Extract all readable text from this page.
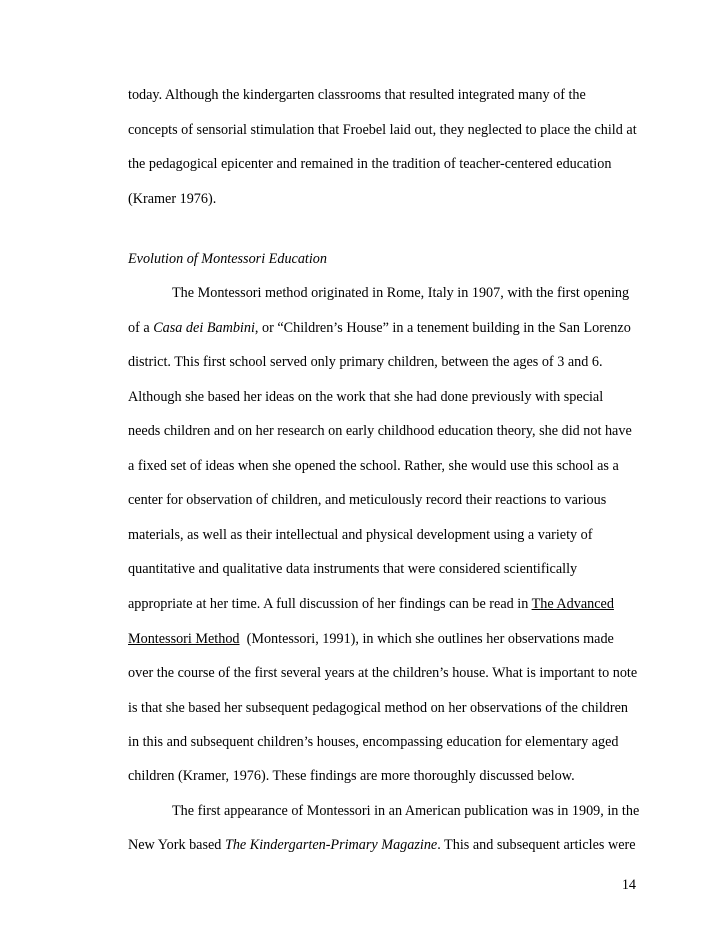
today. Although the kindergarten classrooms that resulted integrated many of the
concepts of sensorial stimulation that Froebel laid out, they neglected to place the child at
the pedagogical epicenter and remained in the tradition of teacher-centered education
(Kramer 1976).
Evolution of Montessori Education
The Montessori method originated in Rome, Italy in 1907, with the first opening
of a Casa dei Bambini, or “Children’s House” in a tenement building in the San Lorenzo
district. This first school served only primary children, between the ages of 3 and 6.
Although she based her ideas on the work that she had done previously with special
needs children and on her research on early childhood education theory, she did not have
a fixed set of ideas when she opened the school. Rather, she would use this school as a
center for observation of children, and meticulously record their reactions to various
materials, as well as their intellectual and physical development using a variety of
quantitative and qualitative data instruments that were considered scientifically
appropriate at her time. A full discussion of her findings can be read in The Advanced
Montessori Method  (Montessori, 1991), in which she outlines her observations made
over the course of the first several years at the children’s house. What is important to note
is that she based her subsequent pedagogical method on her observations of the children
in this and subsequent children’s houses, encompassing education for elementary aged
children (Kramer, 1976). These findings are more thoroughly discussed below.
The first appearance of Montessori in an American publication was in 1909, in the
New York based The Kindergarten-Primary Magazine. This and subsequent articles were
14
